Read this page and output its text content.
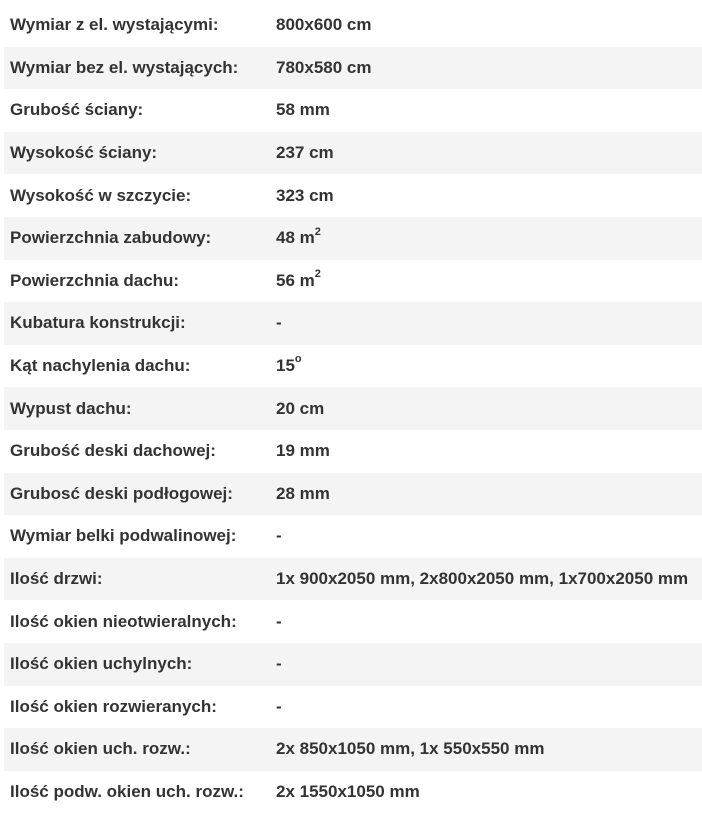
Wymiar z el. wystającymi:	800x600 cm
Wymiar bez el. wystających:	780x580 cm
Grubość ściany:	58 mm
Wysokość ściany:	237 cm
Wysokość w szczycie:	323 cm
Powierzchnia zabudowy:	48 $m^2$
Powierzchnia dachu:	56 $m^2$
Kubatura konstrukcji:	-
Kąt nachylenia dachu:	15$^o$
Wypust dachu:	20 cm
Grubość deski dachowej:	19 mm
Grubosć deski podłogowej:	28 mm
Wymiar belki podwalinowej:	-
Ilość drzwi:	1x 900x2050 mm, 2x800x2050 mm, 1x700x2050 mm
Ilość okien nieotwieralnych:	-
Ilość okien uchylnych:	-
Ilość okien rozwieranych:	-
Ilość okien uch. rozw.:	2x 850x1050 mm, 1x 550x550 mm
Ilość podw. okien uch. rozw.:	2x 1550x1050 mm
